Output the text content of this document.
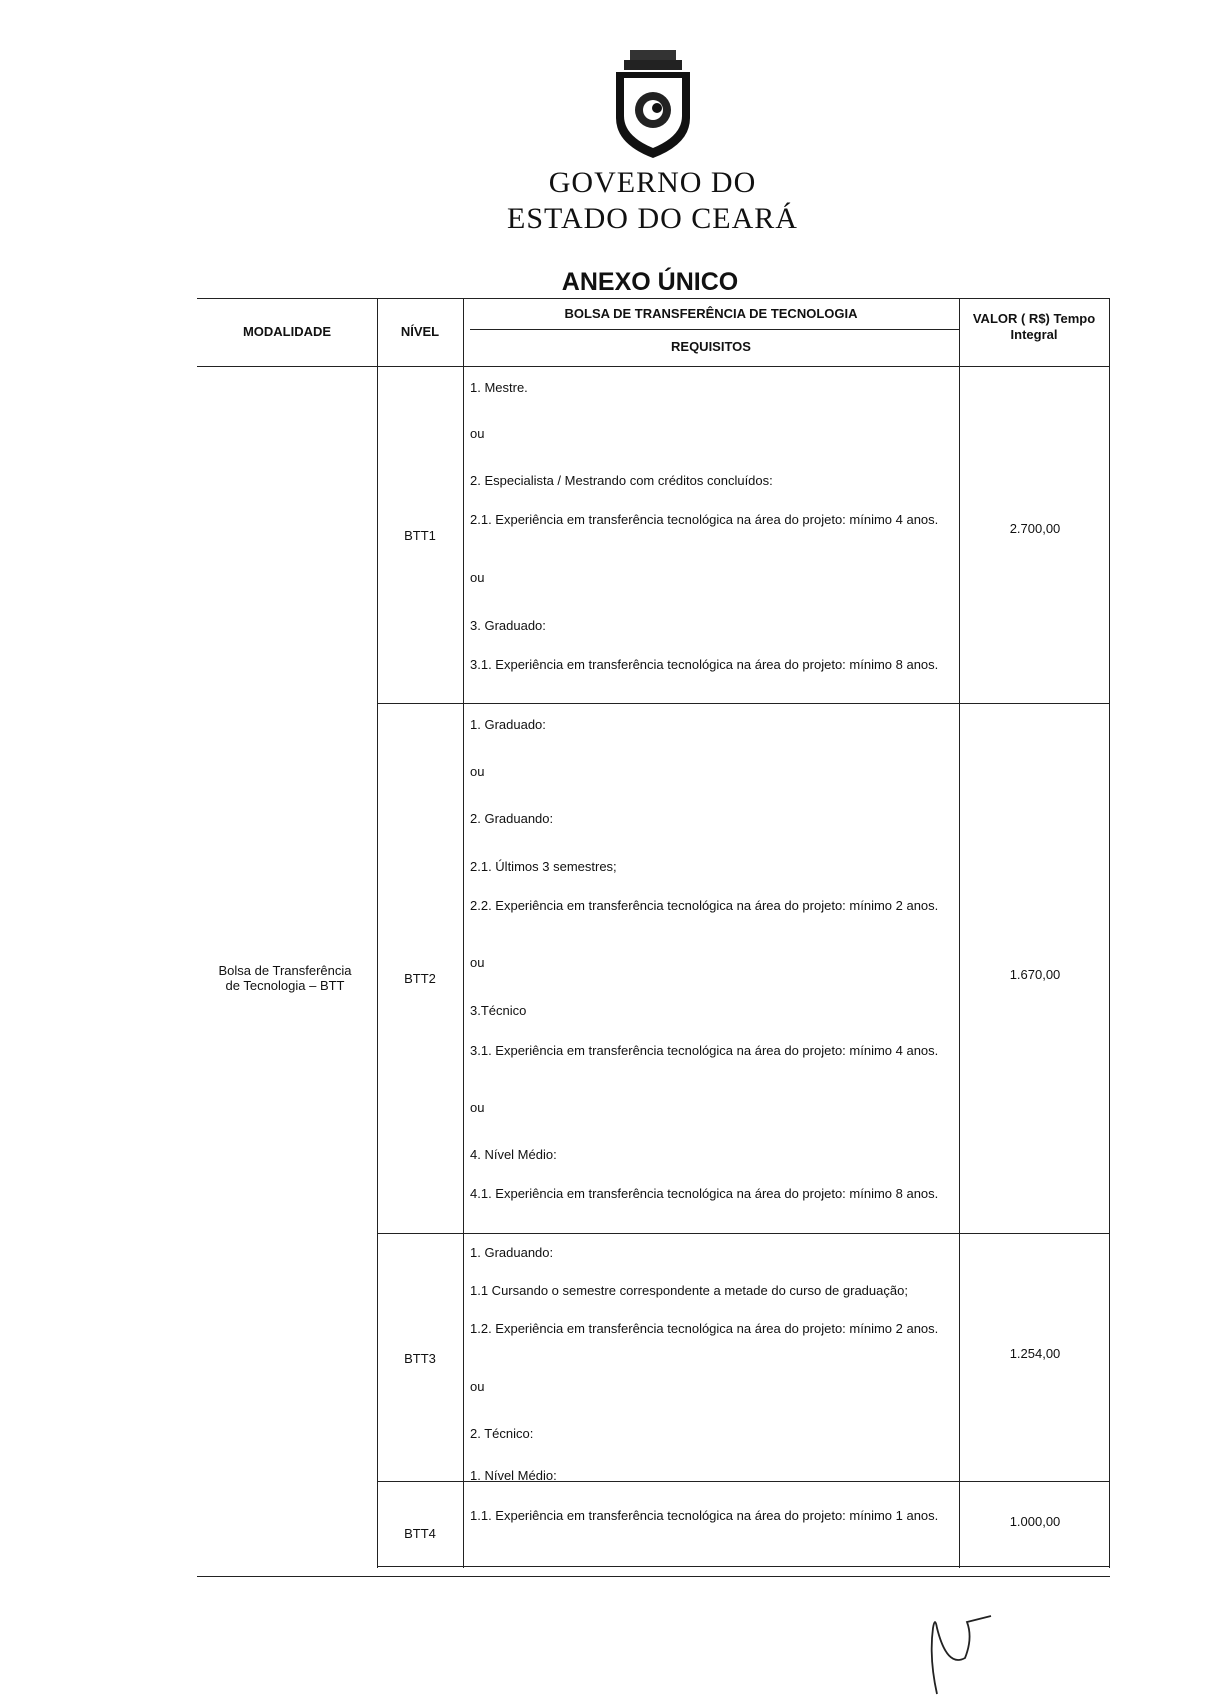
GOVERNO DO
ESTADO DO CEARÁ
ANEXO ÚNICO
MODALIDADE	NÍVEL
BOLSA DE TRANSFERÊNCIA DE TECNOLOGIA
REQUISITOS
VALOR ( R$) Tempo
Integral
Bolsa de Transferência
de Tecnologia – BTT
BTT1
BTT2
BTT3
BTT4
2.700,00
1.670,00
1.254,00
1.000,00
1. Mestre.
ou
2. Especialista / Mestrando com créditos concluídos:
2.1. Experiência em transferência tecnológica na área do projeto: mínimo 4 anos.
ou
3. Graduado:
3.1. Experiência em transferência tecnológica na área do projeto: mínimo 8 anos.
1. Graduado:
ou
2. Graduando:
2.1. Últimos 3 semestres;
2.2. Experiência em transferência tecnológica na área do projeto: mínimo 2 anos.
ou
3.Técnico
3.1. Experiência em transferência tecnológica na área do projeto: mínimo 4 anos.
ou
4. Nível Médio:
4.1. Experiência em transferência tecnológica na área do projeto: mínimo 8 anos.
1. Graduando:
1.1 Cursando o semestre correspondente a metade do curso de graduação;
1.2. Experiência em transferência tecnológica na área do projeto: mínimo 2 anos.
ou
2. Técnico:
1. Nível Médio:
1.1. Experiência em transferência tecnológica na área do projeto: mínimo 1 anos.
